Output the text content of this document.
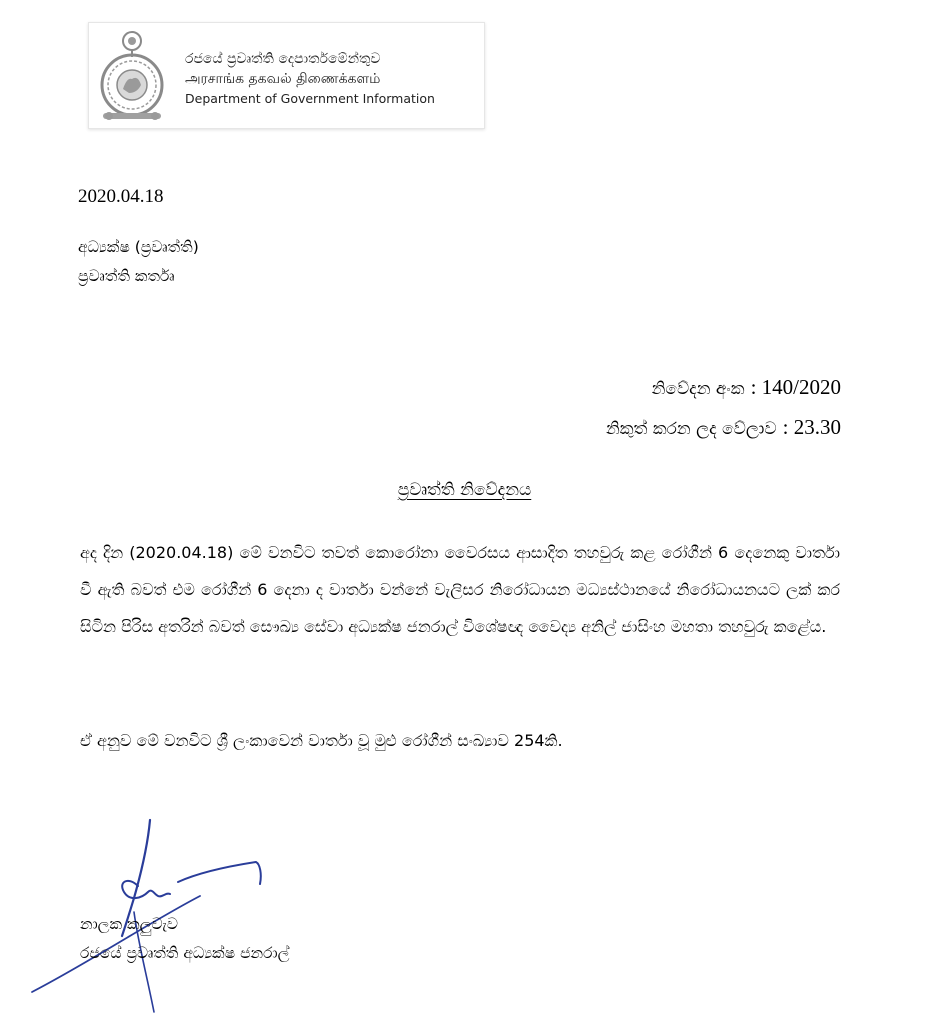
රජයේ ප්‍රවෘත්ති දෙපාර්තමේන්තුව
அரசாங்க தகவல் திணைக்களம்
Department of Government Information
2020.04.18
අධ්‍යක්ෂ (ප්‍රවෘත්ති)
ප්‍රවෘත්ති කර්තෘ
නිවේදන අංක : 140/2020
නිකුත් කරන ලද වේලාව : 23.30
ප්‍රවෘත්ති නිවේදනය

අද දින (2020.04.18) මේ වනවිට තවත් කොරෝනා වෛරසය ආසාදිත තහවුරු කළ රෝගීන් 6 දෙනෙකු වාර්තා වී ඇති බවත් එම රෝගීන් 6 දෙනා ද වාර්තා වන්නේ වැලිසර නිරෝධායන මධ්‍යස්ථානයේ නිරෝධායනයට ලක් කර සිටින පිරිස අතරින් බවත් සෞඛ්‍ය සේවා අධ්‍යක්ෂ ජනරාල් විශේෂඥ වෛද්‍ය අනිල් ජාසිංහ මහතා තහවුරු කළේය.

ඒ අනුව මේ වනවිට ශ්‍රී ලංකාවෙන් වාර්තා වූ මුළු රෝගීන් සංඛ්‍යාව 254කි.

නාලක කලුවැව
රජයේ ප්‍රවෘත්ති අධ්‍යක්ෂ ජනරාල්
